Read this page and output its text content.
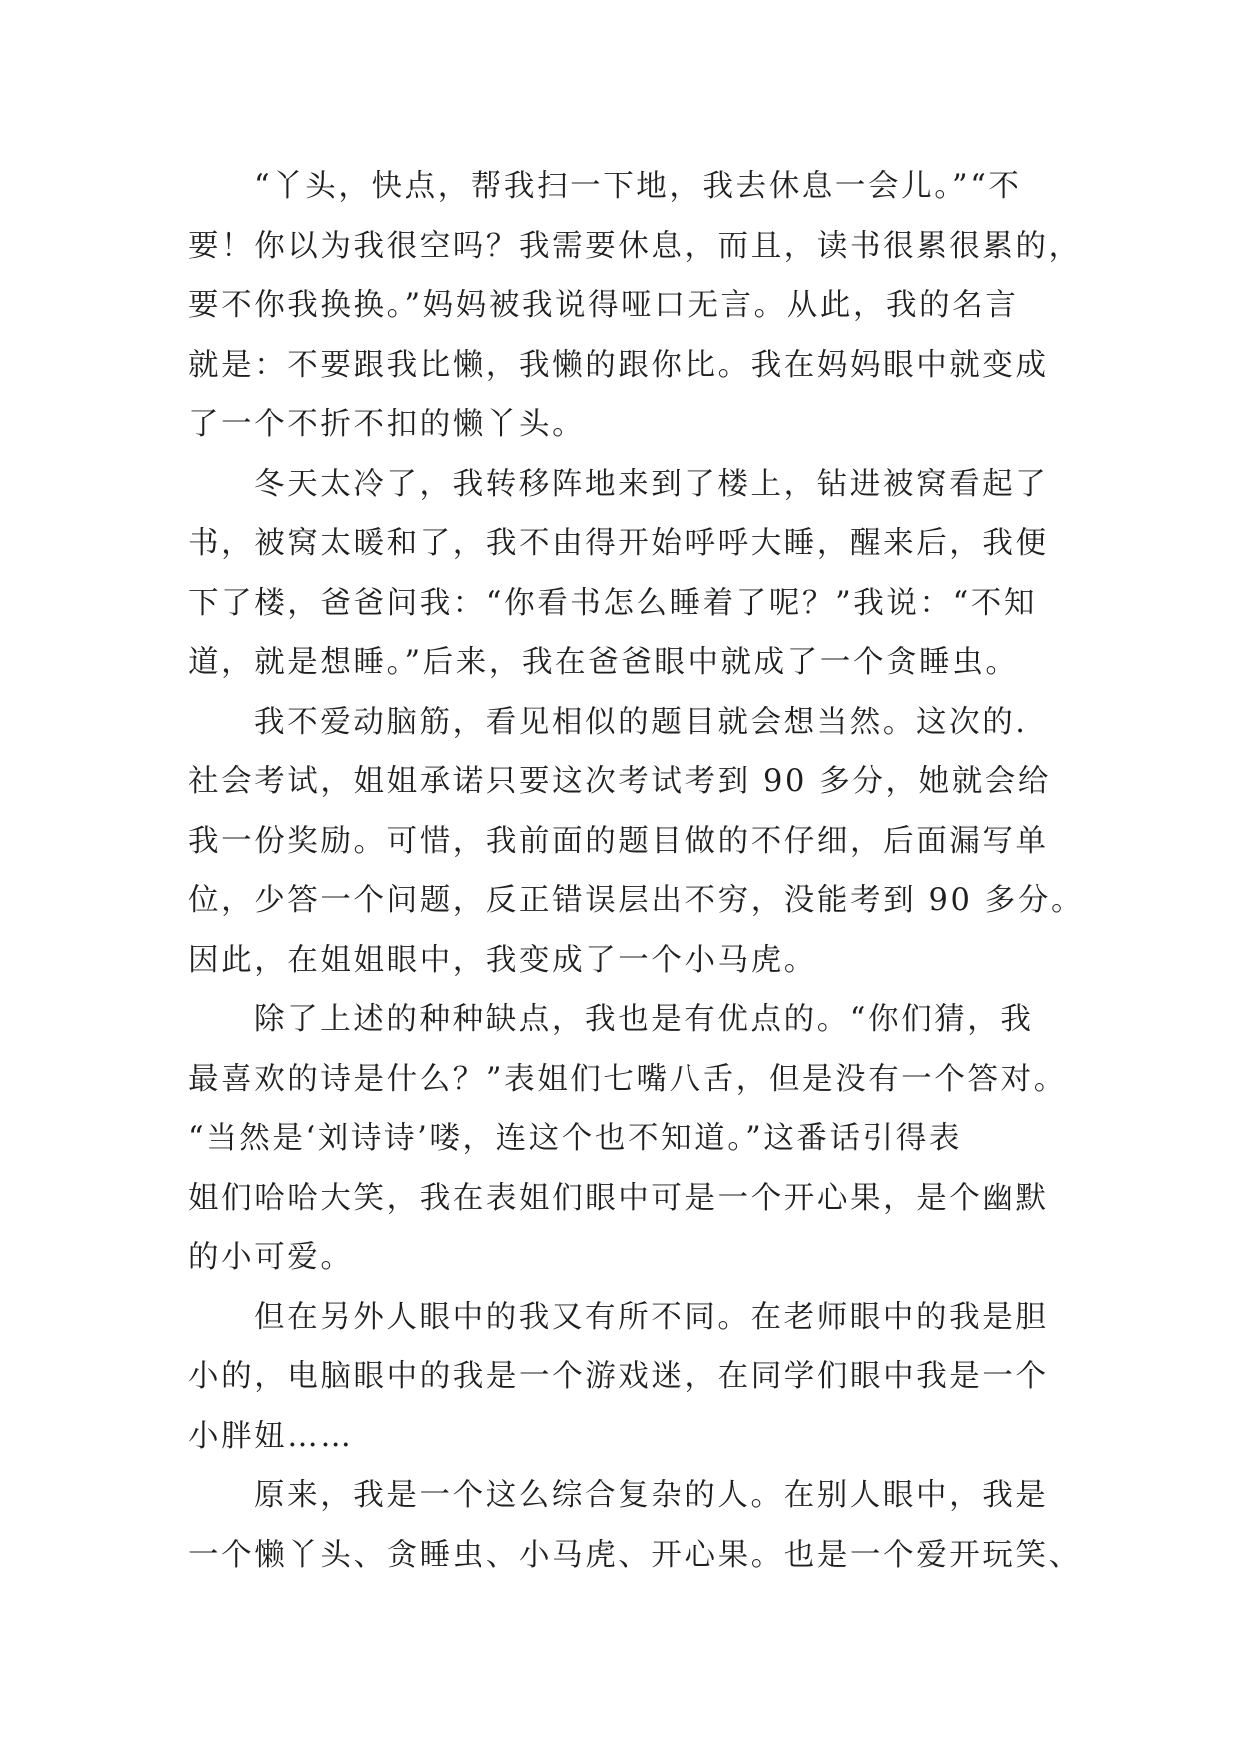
“丫头，快点，帮我扫一下地，我去休息一会儿。”“不
要！你以为我很空吗？我需要休息，而且，读书很累很累的，
要不你我换换。”妈妈被我说得哑口无言。从此，我的名言
就是：不要跟我比懒，我懒的跟你比。我在妈妈眼中就变成
了一个不折不扣的懒丫头。
冬天太冷了，我转移阵地来到了楼上，钻进被窝看起了
书，被窝太暖和了，我不由得开始呼呼大睡，醒来后，我便
下了楼，爸爸问我：“你看书怎么睡着了呢？”我说：“不知
道，就是想睡。”后来，我在爸爸眼中就成了一个贪睡虫。
我不爱动脑筋，看见相似的题目就会想当然。这次的.
社会考试，姐姐承诺只要这次考试考到 90 多分，她就会给
我一份奖励。可惜，我前面的题目做的不仔细，后面漏写单
位，少答一个问题，反正错误层出不穷，没能考到 90 多分。
因此，在姐姐眼中，我变成了一个小马虎。
除了上述的种种缺点，我也是有优点的。“你们猜，我
最喜欢的诗是什么？”表姐们七嘴八舌，但是没有一个答对。
“当然是‘刘诗诗’喽，连这个也不知道。”这番话引得表
姐们哈哈大笑，我在表姐们眼中可是一个开心果，是个幽默
的小可爱。
但在另外人眼中的我又有所不同。在老师眼中的我是胆
小的，电脑眼中的我是一个游戏迷，在同学们眼中我是一个
小胖妞……
原来，我是一个这么综合复杂的人。在别人眼中，我是
一个懒丫头、贪睡虫、小马虎、开心果。也是一个爱开玩笑、
